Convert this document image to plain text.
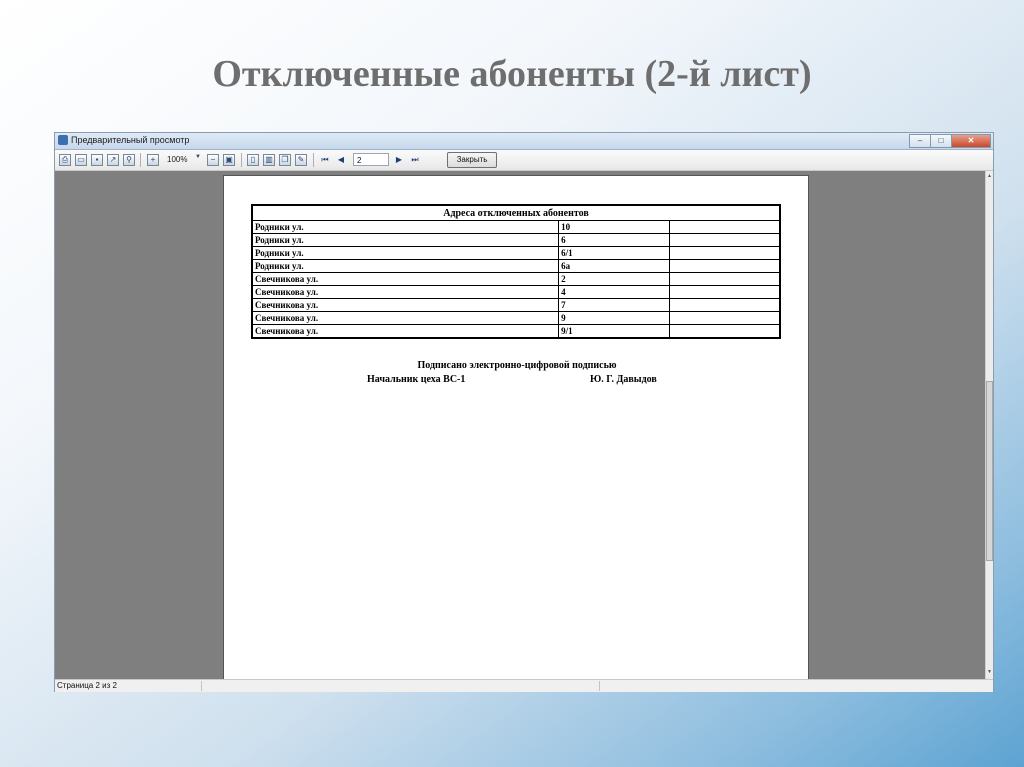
Отключенные абоненты (2-й лист)
Предварительный просмотр	–	□	✕
⎙	▭	▪	↗	⚲	+	100%	▼	−	▣	▯	▥	❐	✎	⏮	◀	2	▶	⏭	Закрыть
Адреса отключенных абонентов		
Родники ул.	10	
Родники ул.	6	
Родники ул.	6/1	
Родники ул.	6а	
Свечникова ул.	2	
Свечникова ул.	4	
Свечникова ул.	7	
Свечникова ул.	9	
Свечникова ул.	9/1	
Подписано электронно-цифровой подписью
Начальник цеха ВС-1	Ю. Г. Давыдов
▲
▼
Страница 2 из 2
